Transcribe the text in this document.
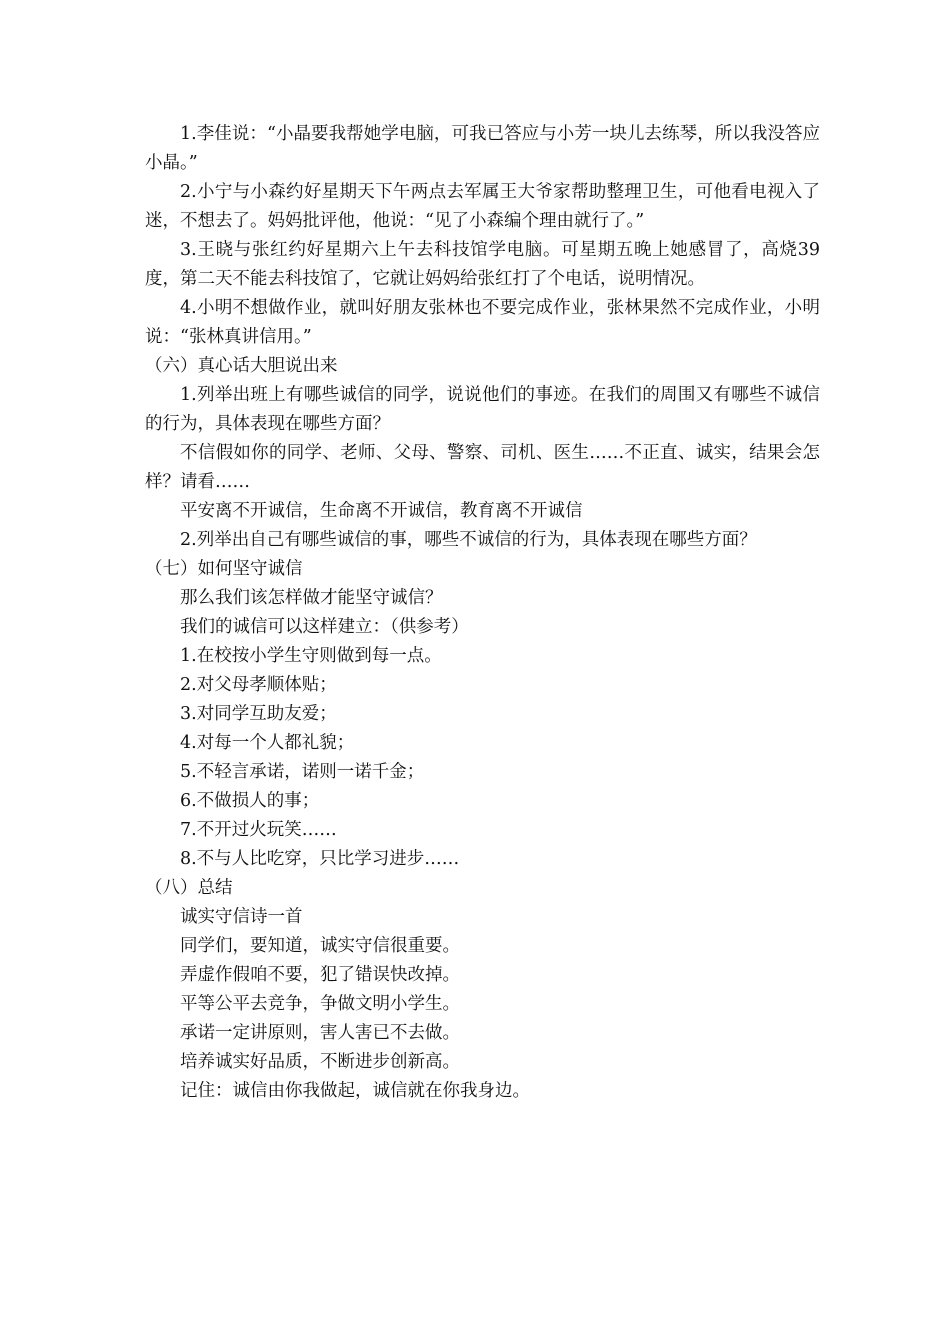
1.李佳说：“小晶要我帮她学电脑，可我已答应与小芳一块儿去练琴，所以我没答应小晶。”

2.小宁与小森约好星期天下午两点去军属王大爷家帮助整理卫生，可他看电视入了迷，不想去了。妈妈批评他，他说：“见了小森编个理由就行了。”

3.王晓与张红约好星期六上午去科技馆学电脑。可星期五晚上她感冒了，高烧39度，第二天不能去科技馆了，它就让妈妈给张红打了个电话，说明情况。

4.小明不想做作业，就叫好朋友张林也不要完成作业，张林果然不完成作业，小明说：“张林真讲信用。”

（六）真心话大胆说出来

1.列举出班上有哪些诚信的同学，说说他们的事迹。在我们的周围又有哪些不诚信的行为，具体表现在哪些方面？

不信假如你的同学、老师、父母、警察、司机、医生……不正直、诚实，结果会怎样？请看……

平安离不开诚信，生命离不开诚信，教育离不开诚信

2.列举出自己有哪些诚信的事，哪些不诚信的行为，具体表现在哪些方面？

（七）如何坚守诚信

那么我们该怎样做才能坚守诚信？

我们的诚信可以这样建立：（供参考）

1.在校按小学生守则做到每一点。

2.对父母孝顺体贴；

3.对同学互助友爱；

4.对每一个人都礼貌；

5.不轻言承诺，诺则一诺千金；

6.不做损人的事；

7.不开过火玩笑……

8.不与人比吃穿，只比学习进步……

（八）总结

诚实守信诗一首

同学们，要知道，诚实守信很重要。

弄虚作假咱不要，犯了错误快改掉。

平等公平去竞争，争做文明小学生。

承诺一定讲原则，害人害已不去做。

培养诚实好品质，不断进步创新高。

记住：诚信由你我做起，诚信就在你我身边。
